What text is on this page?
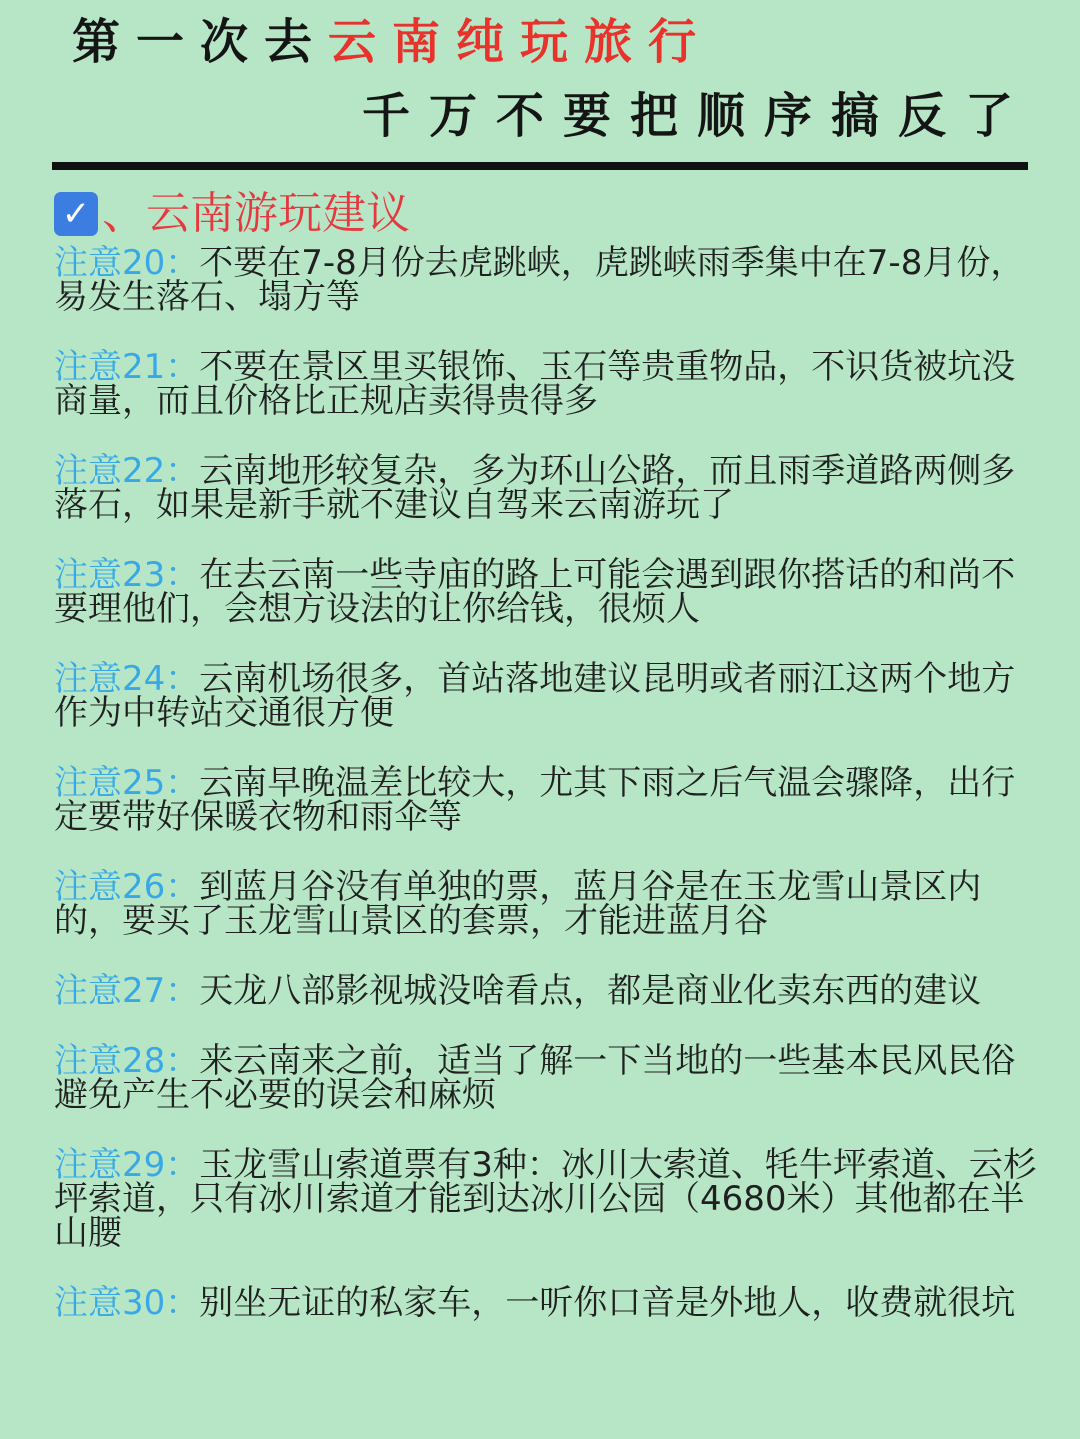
第一次去云南纯玩旅行
千万不要把顺序搞反了
✓ 、云南游玩建议
注意20：不要在7-8月份去虎跳峡，虎跳峡雨季集中在7-8月份，易发生落石、塌方等
注意21：不要在景区里买银饰、玉石等贵重物品，不识货被坑没商量，而且价格比正规店卖得贵得多
注意22：云南地形较复杂，多为环山公路，而且雨季道路两侧多落石，如果是新手就不建议自驾来云南游玩了
注意23：在去云南一些寺庙的路上可能会遇到跟你搭话的和尚不要理他们，会想方设法的让你给钱，很烦人
注意24：云南机场很多，首站落地建议昆明或者丽江这两个地方作为中转站交通很方便
注意25：云南早晚温差比较大，尤其下雨之后气温会骤降，出行
定要带好保暖衣物和雨伞等
注意26：到蓝月谷没有单独的票，蓝月谷是在玉龙雪山景区内的，要买了玉龙雪山景区的套票，才能进蓝月谷
注意27：天龙八部影视城没啥看点，都是商业化卖东西的建议
注意28：来云南来之前，适当了解一下当地的一些基本民风民俗避免产生不必要的误会和麻烦
注意29：玉龙雪山索道票有3种：冰川大索道、牦牛坪索道、云杉坪索道，只有冰川索道才能到达冰川公园（4680米）其他都在半山腰
注意30：别坐无证的私家车，一听你口音是外地人，收费就很坑
